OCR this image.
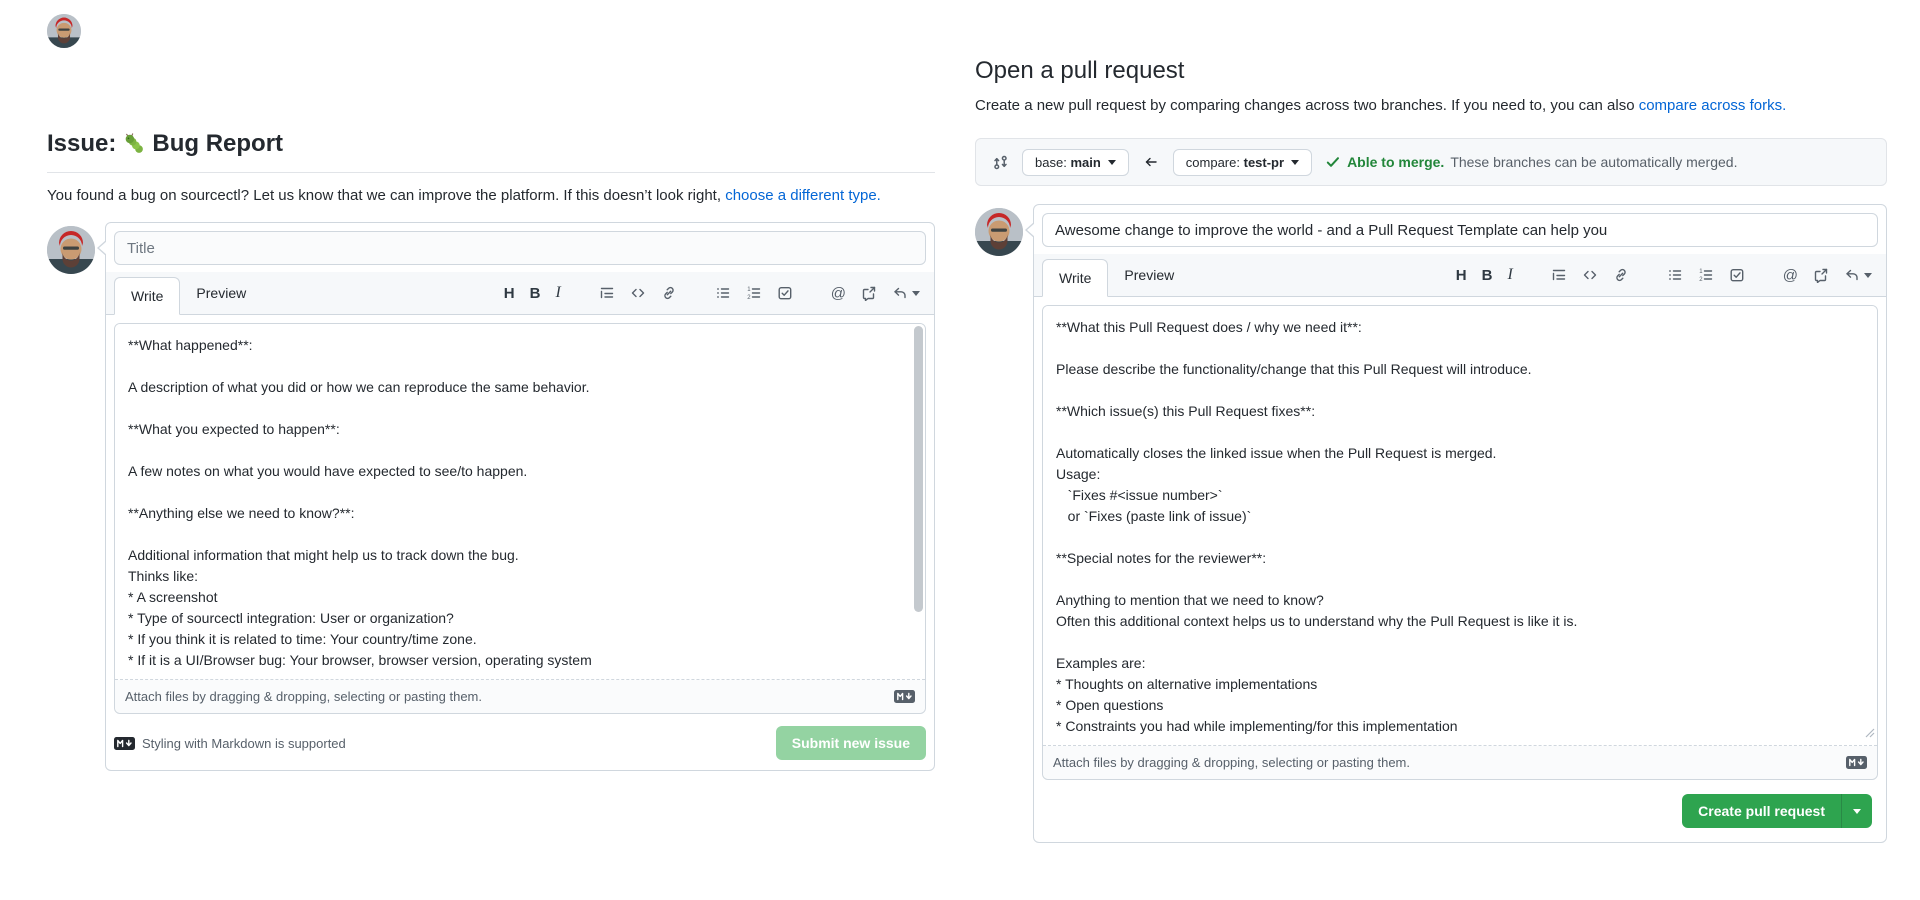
Issue: Bug Report

You found a bug on sourcectl? Let us know that we can improve the platform. If this doesn’t look right, choose a different type.

Title
Write	Preview	H B I	1
2	@
**What happened**: A description of what you did or how we can reproduce the same behavior. **What you expected to happen**: A few notes on what you would have expected to see/to happen. **Anything else we need to know?**: Additional information that might help us to track down the bug. Thinks like: * A screenshot * Type of sourcectl integration: User or organization? * If you think it is related to time: Your country/time zone. * If it is a UI/Browser bug: Your browser, browser version, operating system
Attach files by dragging & dropping, selecting or pasting them.
Styling with Markdown is supported	Submit new issue
Open a pull request

Create a new pull request by comparing changes across two branches. If you need to, you can also compare across forks.

base: main	compare: test-pr	Able to merge. These branches can be automatically merged.
Awesome change to improve the world - and a Pull Request Template can help you
Write	Preview	H B I	1
2	@
**What this Pull Request does / why we need it**: Please describe the functionality/change that this Pull Request will introduce. **Which issue(s) this Pull Request fixes**: Automatically closes the linked issue when the Pull Request is merged. Usage: `Fixes #<issue number>` or `Fixes (paste link of issue)` **Special notes for the reviewer**: Anything to mention that we need to know? Often this additional context helps us to understand why the Pull Request is like it is. Examples are: * Thoughts on alternative implementations * Open questions * Constraints you had while implementing/for this implementation
Attach files by dragging & dropping, selecting or pasting them.
Create pull request
